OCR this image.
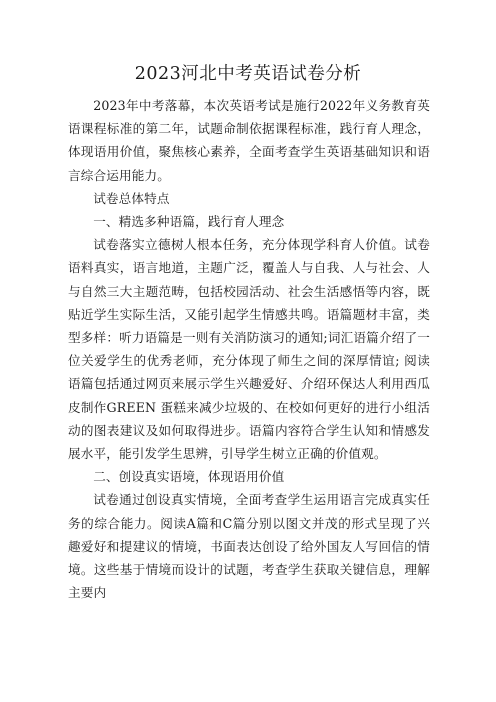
2023河北中考英语试卷分析

2023年中考落幕，本次英语考试是施行2022年义务教育英语课程标准的第二年，试题命制依据课程标准，践行育人理念，体现语用价值，聚焦核心素养，全面考查学生英语基础知识和语言综合运用能力。

试卷总体特点

一、精选多种语篇，践行育人理念

试卷落实立德树人根本任务，充分体现学科育人价值。试卷语料真实，语言地道，主题广泛，覆盖人与自我、人与社会、人与自然三大主题范畴，包括校园活动、社会生活感悟等内容，既贴近学生实际生活，又能引起学生情感共鸣。语篇题材丰富，类型多样：听力语篇是一则有关消防演习的通知;词汇语篇介绍了一位关爱学生的优秀老师，充分体现了师生之间的深厚情谊; 阅读语篇包括通过网页来展示学生兴趣爱好、介绍环保达人利用西瓜皮制作GREEN 蛋糕来减少垃圾的、在校如何更好的进行小组活动的图表建议及如何取得进步。语篇内容符合学生认知和情感发展水平，能引发学生思辨，引导学生树立正确的价值观。

二、创设真实语境，体现语用价值

试卷通过创设真实情境，全面考查学生运用语言完成真实任务的综合能力。阅读A篇和C篇分别以图文并茂的形式呈现了兴趣爱好和提建议的情境，书面表达创设了给外国友人写回信的情境。这些基于情境而设计的试题，考查学生获取关键信息，理解主要内
